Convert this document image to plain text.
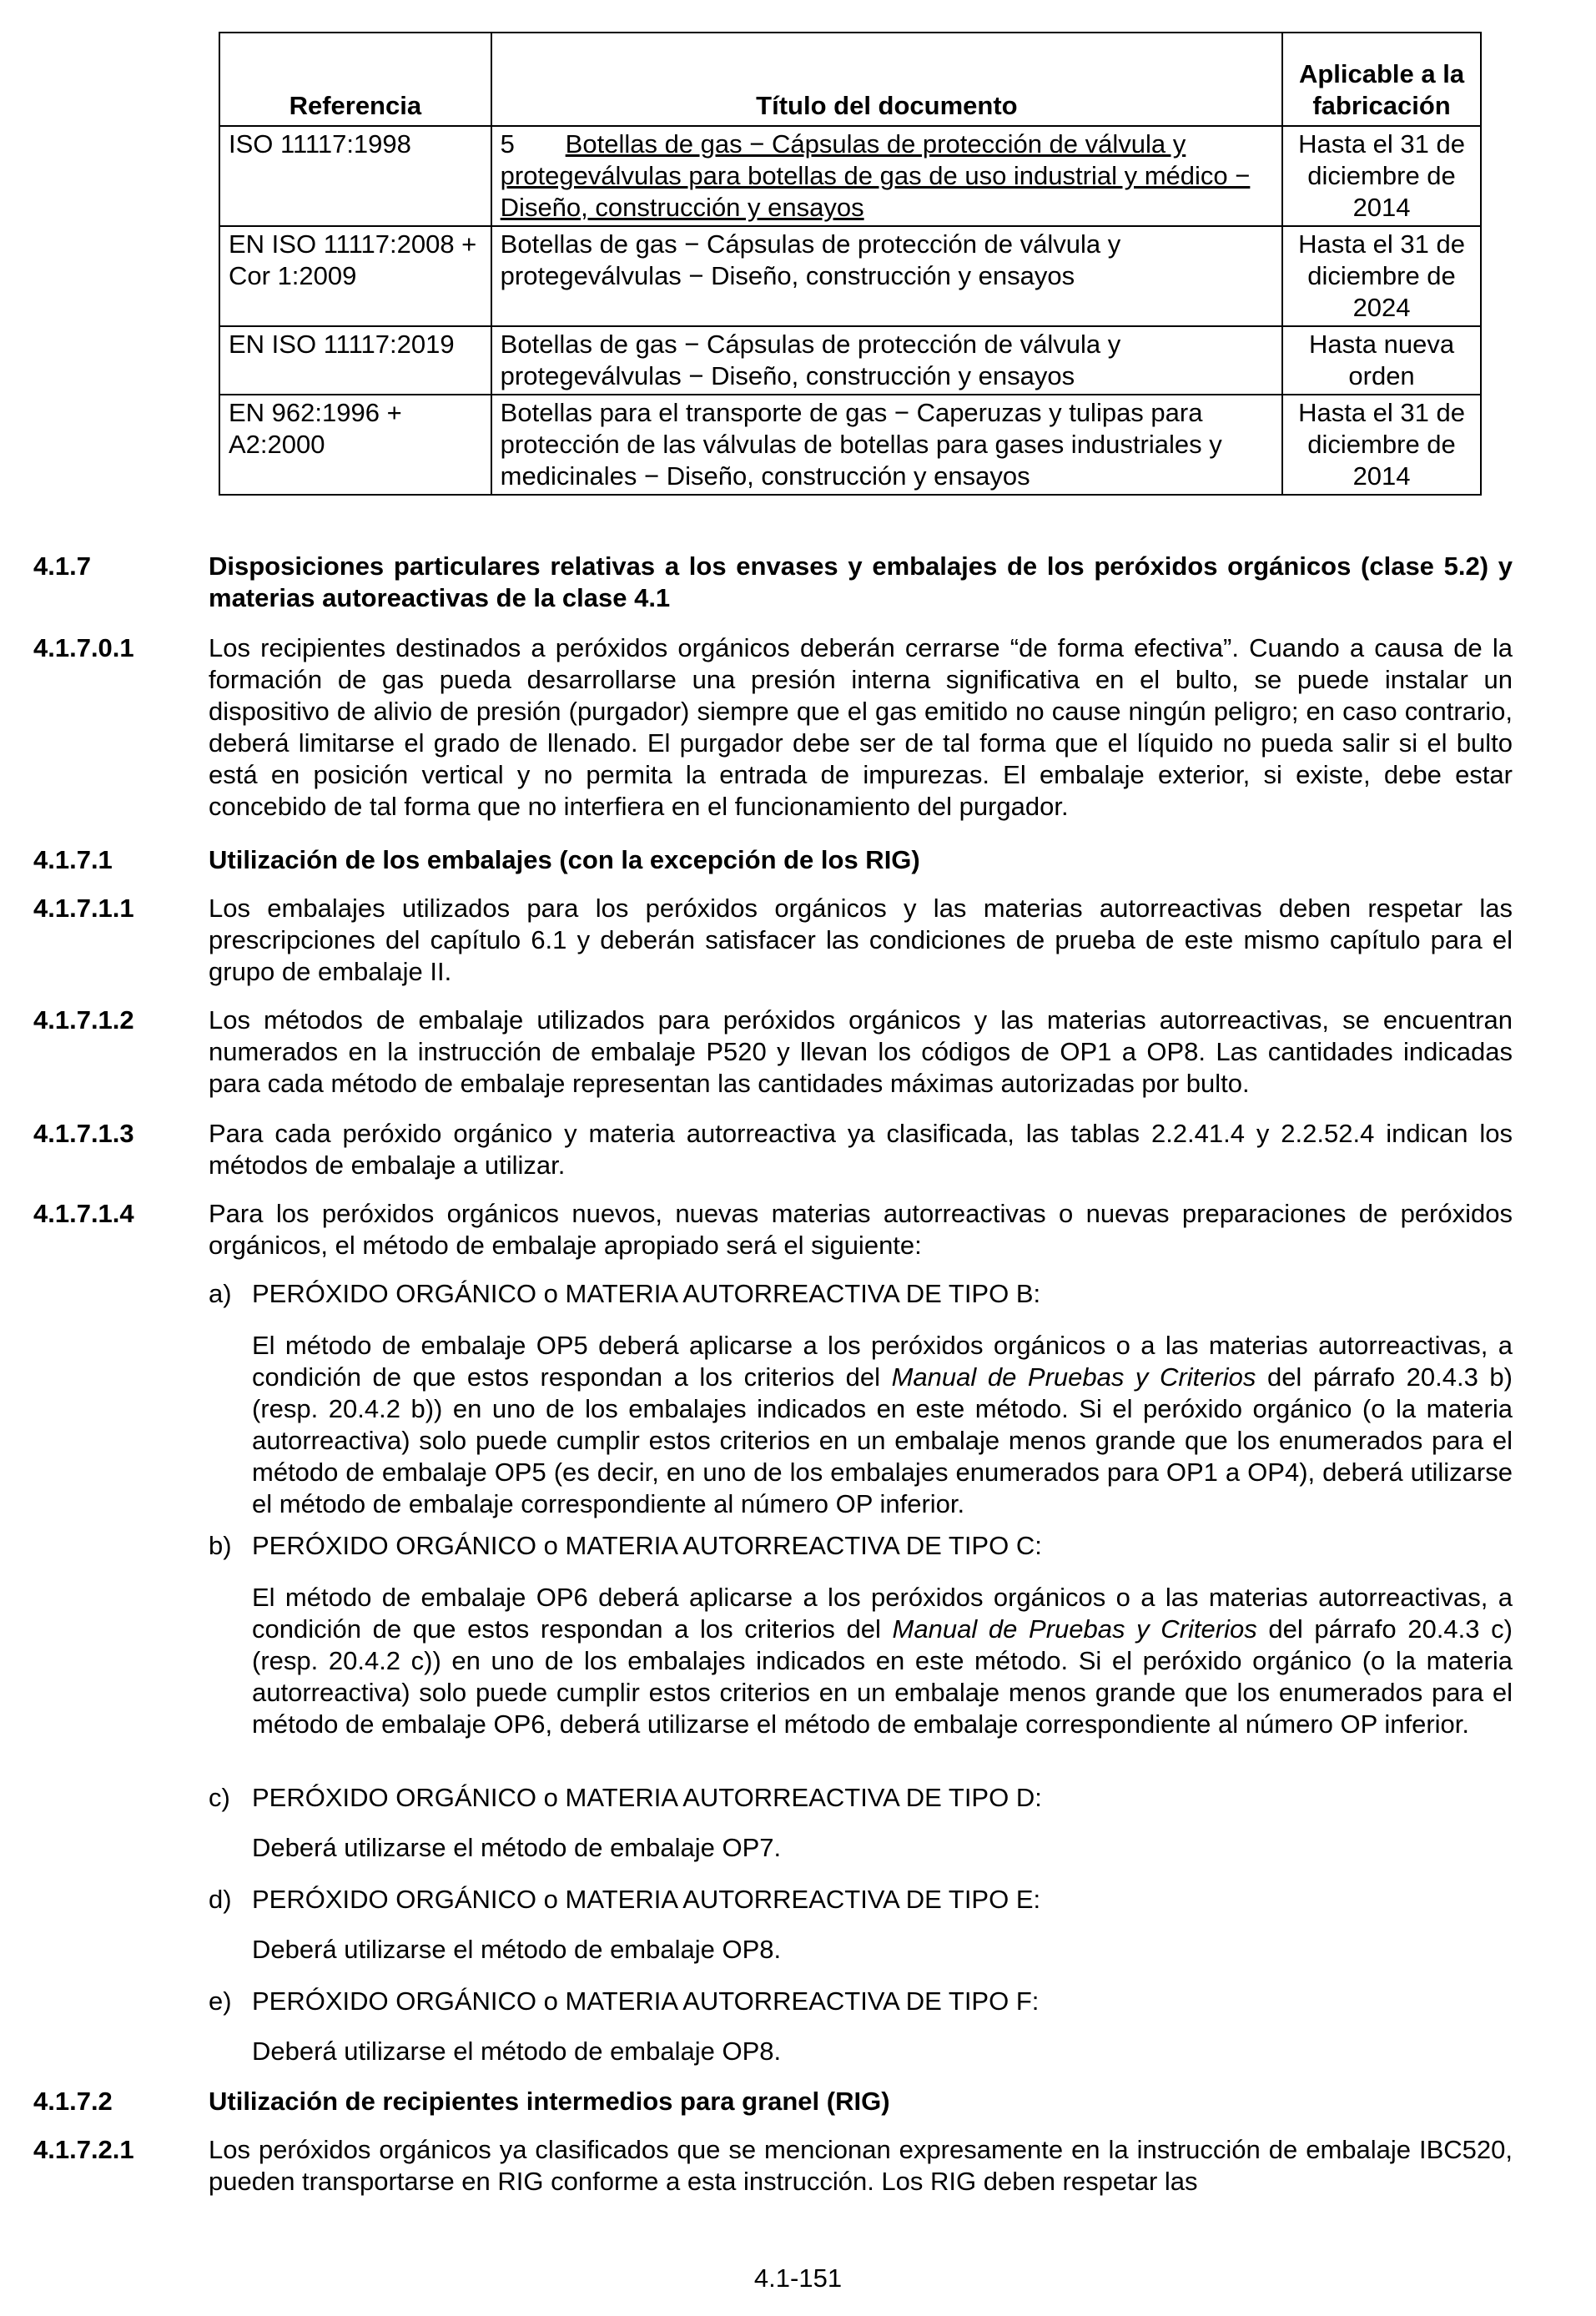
Referencia	Título del documento	Aplicable a la fabricación
ISO 11117:1998	5 Botellas de gas − Cápsulas de protección de válvula y protegeválvulas para botellas de gas de uso industrial y médico − Diseño, construcción y ensayos	Hasta el 31 de diciembre de 2014
EN ISO 11117:2008 + Cor 1:2009	Botellas de gas − Cápsulas de protección de válvula y protegeválvulas − Diseño, construcción y ensayos	Hasta el 31 de diciembre de 2024
EN ISO 11117:2019	Botellas de gas − Cápsulas de protección de válvula y protegeválvulas − Diseño, construcción y ensayos	Hasta nueva orden
EN 962:1996 + A2:2000	Botellas para el transporte de gas − Caperuzas y tulipas para protección de las válvulas de botellas para gases industriales y medicinales − Diseño, construcción y ensayos	Hasta el 31 de diciembre de 2014
4.1.7	Disposiciones particulares relativas a los envases y embalajes de los peróxidos orgánicos (clase 5.2) y materias autoreactivas de la clase 4.1
4.1.7.0.1	Los recipientes destinados a peróxidos orgánicos deberán cerrarse “de forma efectiva”. Cuando a causa de la formación de gas pueda desarrollarse una presión interna significativa en el bulto, se puede instalar un dispositivo de alivio de presión (purgador) siempre que el gas emitido no cause ningún peligro; en caso contrario, deberá limitarse el grado de llenado. El purgador debe ser de tal forma que el líquido no pueda salir si el bulto está en posición vertical y no permita la entrada de impurezas. El embalaje exterior, si existe, debe estar concebido de tal forma que no interfiera en el funcionamiento del purgador.
4.1.7.1	Utilización de los embalajes (con la excepción de los RIG)
4.1.7.1.1	Los embalajes utilizados para los peróxidos orgánicos y las materias autorreactivas deben respetar las prescripciones del capítulo 6.1 y deberán satisfacer las condiciones de prueba de este mismo capítulo para el grupo de embalaje II.
4.1.7.1.2	Los métodos de embalaje utilizados para peróxidos orgánicos y las materias autorreactivas, se encuentran numerados en la instrucción de embalaje P520 y llevan los códigos de OP1 a OP8. Las cantidades indicadas para cada método de embalaje representan las cantidades máximas autorizadas por bulto.
4.1.7.1.3	Para cada peróxido orgánico y materia autorreactiva ya clasificada, las tablas 2.2.41.4 y 2.2.52.4 indican los métodos de embalaje a utilizar.
4.1.7.1.4	Para los peróxidos orgánicos nuevos, nuevas materias autorreactivas o nuevas preparaciones de peróxidos orgánicos, el método de embalaje apropiado será el siguiente:
a) PERÓXIDO ORGÁNICO o MATERIA AUTORREACTIVA DE TIPO B:
El método de embalaje OP5 deberá aplicarse a los peróxidos orgánicos o a las materias autorreactivas, a condición de que estos respondan a los criterios del Manual de Pruebas y Criterios del párrafo 20.4.3 b) (resp. 20.4.2 b)) en uno de los embalajes indicados en este método. Si el peróxido orgánico (o la materia autorreactiva) solo puede cumplir estos criterios en un embalaje menos grande que los enumerados para el método de embalaje OP5 (es decir, en uno de los embalajes enumerados para OP1 a OP4), deberá utilizarse el método de embalaje correspondiente al número OP inferior.
b) PERÓXIDO ORGÁNICO o MATERIA AUTORREACTIVA DE TIPO C:
El método de embalaje OP6 deberá aplicarse a los peróxidos orgánicos o a las materias autorreactivas, a condición de que estos respondan a los criterios del Manual de Pruebas y Criterios del párrafo 20.4.3 c) (resp. 20.4.2 c)) en uno de los embalajes indicados en este método. Si el peróxido orgánico (o la materia autorreactiva) solo puede cumplir estos criterios en un embalaje menos grande que los enumerados para el método de embalaje OP6, deberá utilizarse el método de embalaje correspondiente al número OP inferior.
c) PERÓXIDO ORGÁNICO o MATERIA AUTORREACTIVA DE TIPO D:
Deberá utilizarse el método de embalaje OP7.
d) PERÓXIDO ORGÁNICO o MATERIA AUTORREACTIVA DE TIPO E:
Deberá utilizarse el método de embalaje OP8.
e) PERÓXIDO ORGÁNICO o MATERIA AUTORREACTIVA DE TIPO F:
Deberá utilizarse el método de embalaje OP8.
4.1.7.2	Utilización de recipientes intermedios para granel (RIG)
4.1.7.2.1	Los peróxidos orgánicos ya clasificados que se mencionan expresamente en la instrucción de embalaje IBC520, pueden transportarse en RIG conforme a esta instrucción. Los RIG deben respetar las
4.1-151
